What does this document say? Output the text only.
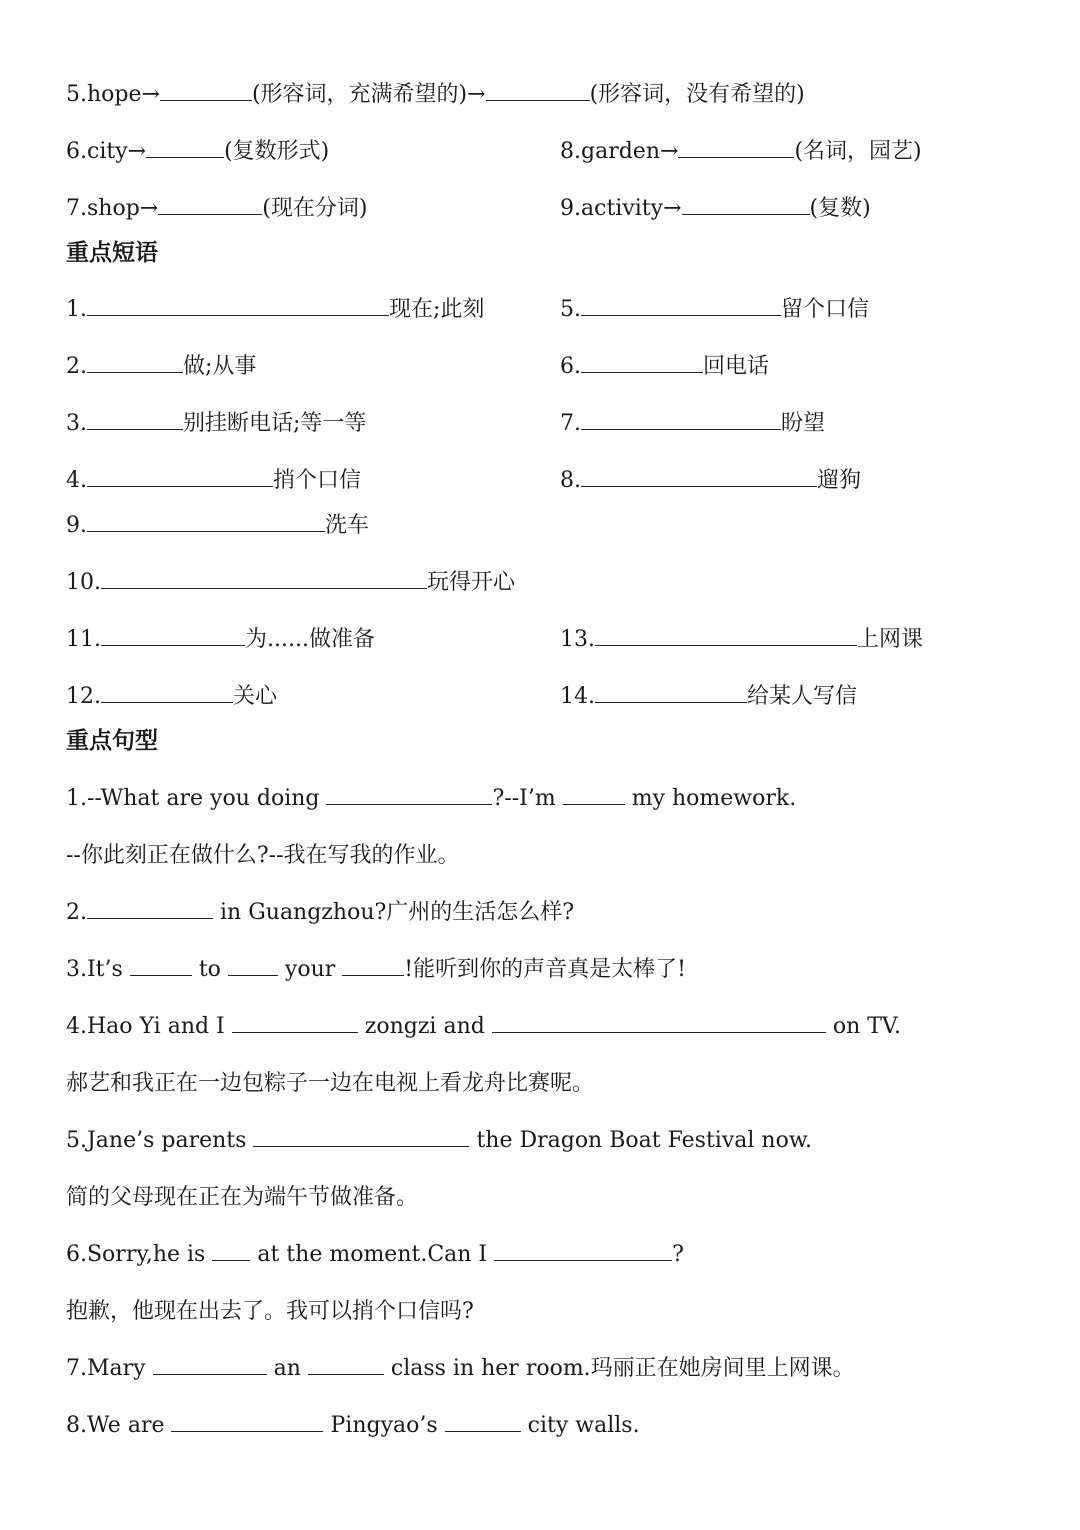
5.hope→	(形容词，充满希望的)→	(形容词，没有希望的)
6.city→	(复数形式)	8.garden→	(名词，园艺)
7.shop→	(现在分词)	9.activity→	(复数)
重点短语
1.	现在;此刻	5.	留个口信
2.	做;从事	6.	回电话
3.	别挂断电话;等一等	7.	盼望
4.	捎个口信	8.	遛狗
9.	洗车
10.	玩得开心
11.	为......做准备	13.	上网课
12.	关心	14.	给某人写信
重点句型
1.--What are you doing	?--I’m	my homework.
--你此刻正在做什么?--我在写我的作业。
2.	in Guangzhou?广州的生活怎么样?
3.It’s	to	your	!能听到你的声音真是太棒了!
4.Hao Yi and I	zongzi and	on TV.
郝艺和我正在一边包粽子一边在电视上看龙舟比赛呢。
5.Jane’s parents	the Dragon Boat Festival now.
简的父母现在正在为端午节做准备。
6.Sorry,he is at the moment.Can I	?
抱歉，他现在出去了。我可以捎个口信吗?
7.Mary	an	class in her room.玛丽正在她房间里上网课。
8.We are	Pingyao’s	city walls.
